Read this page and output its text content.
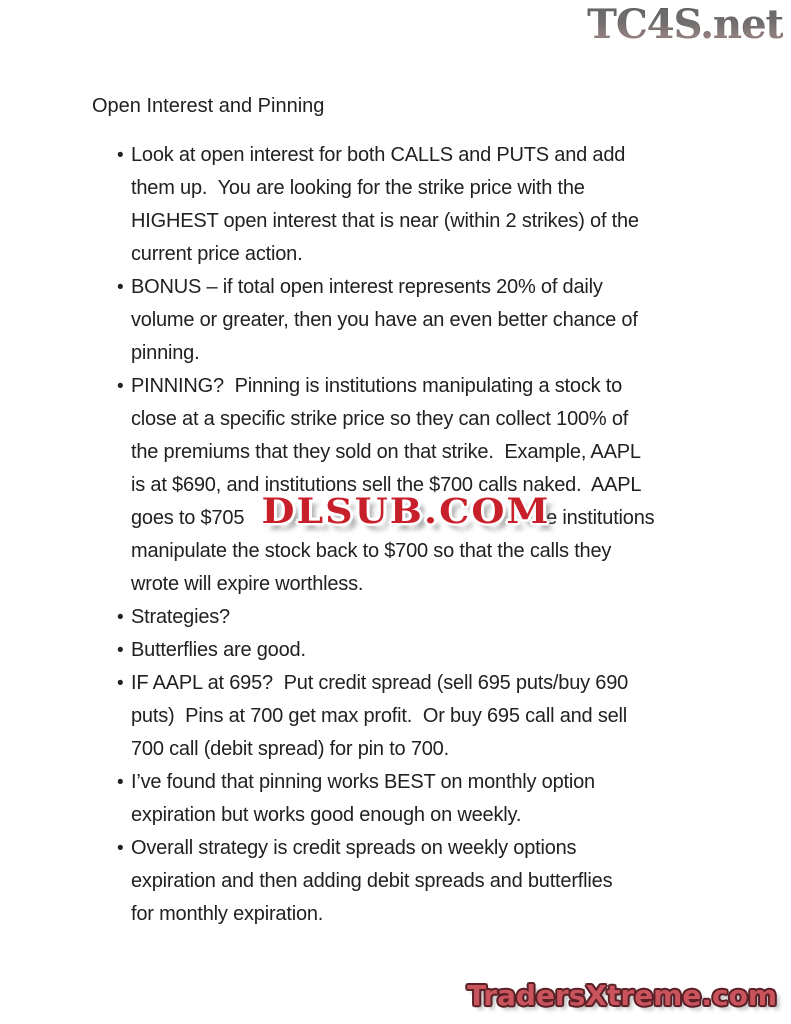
TC4S.net
Open Interest and Pinning
• Look at open interest for both CALLS and PUTS and add
them up.  You are looking for the strike price with the
HIGHEST open interest that is near (within 2 strikes) of the
current price action.
• BONUS – if total open interest represents 20% of daily
volume or greater, then you have an even better chance of
pinning.
• PINNING?  Pinning is institutions manipulating a stock to
close at a specific strike price so they can collect 100% of
the premiums that they sold on that strike.  Example, AAPL
is at $690, and institutions sell the $700 calls naked.  AAPL
goes to $705	se institutions
manipulate the stock back to $700 so that the calls they
wrote will expire worthless.
• Strategies?
• Butterflies are good.
• IF AAPL at 695?  Put credit spread (sell 695 puts/buy 690
puts)  Pins at 700 get max profit.  Or buy 695 call and sell
700 call (debit spread) for pin to 700.
• I’ve found that pinning works BEST on monthly option
expiration but works good enough on weekly.
• Overall strategy is credit spreads on weekly options
expiration and then adding debit spreads and butterflies
for monthly expiration.
DLSUB.COM
TradersXtreme.com
